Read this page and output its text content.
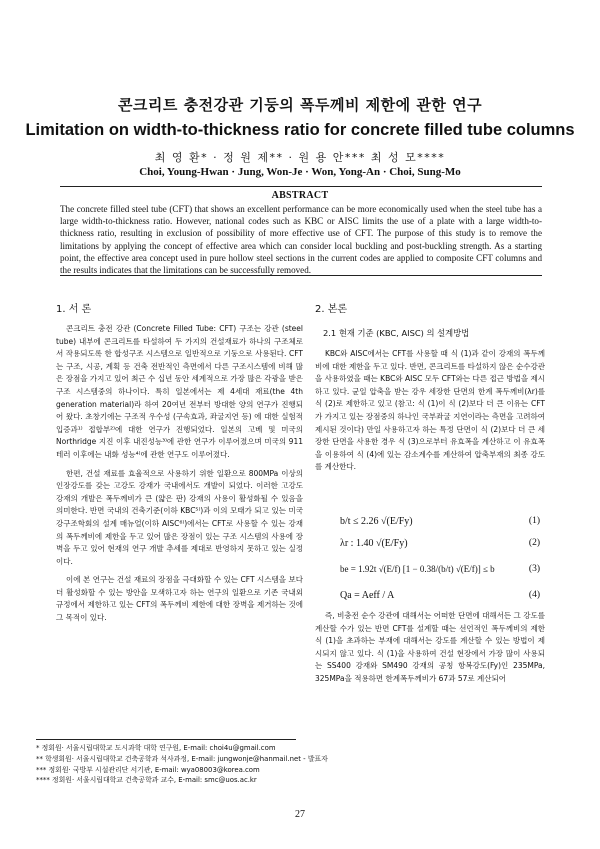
콘크리트 충전강관 기둥의 폭두께비 제한에 관한 연구
Limitation on width-to-thickness ratio for concrete filled tube columns
최 영 환* · 정 원 제** · 원 용 안*** 최 성 모****
Choi, Young-Hwan · Jung, Won-Je · Won, Yong-An · Choi, Sung-Mo
ABSTRACT
The concrete filled steel tube (CFT) that shows an excellent performance can be more economically used when the steel tube has a large width-to-thickness ratio. However, national codes such as KBC or AISC limits the use of a plate with a large width-to-thickness ratio, resulting in exclusion of possibility of more effective use of CFT. The purpose of this study is to remove the limitations by applying the concept of effective area which can consider local buckling and post-buckling strength. As a starting point, the effective area concept used in pure hollow steel sections in the current codes are applied to composite CFT columns and the results indicates that the limitations can be successfully removed.
1. 서 론

콘크리트 충전 강관 (Concrete Filled Tube: CFT) 구조는 강관 (steel tube) 내부에 콘크리트를 타설하여 두 가지의 건설재료가 하나의 구조체로서 작용되도록 한 합성구조 시스템으로 일반적으로 기둥으로 사용된다. CFT는 구조, 시공, 계획 등 건축 전반적인 측면에서 다른 구조시스템에 비해 많은 장점을 가지고 있어 최근 수 십년 동안 세계적으로 가장 많은 각광을 받은 구조 시스템중의 하나이다. 특히 일본에서는 제 4세대 재료(the 4th generation material)라 하여 20여년 전부터 방대한 양의 연구가 진행되어 왔다. 초창기에는 구조적 우수성 (구속효과, 좌굴지연 등) 에 대한 실험적 입증과¹⁾ 접합부²⁾에 대한 연구가 진행되었다. 일본의 고베 및 미국의 Northridge 지진 이후 내진성능³⁾에 관한 연구가 이루어졌으며 미국의 911 테러 이후에는 내화 성능⁴⁾에 관한 연구도 이루어졌다.

한편, 건설 재료를 효율적으로 사용하기 위한 일환으로 800MPa 이상의 인장강도를 갖는 고강도 강재가 국내에서도 개발이 되었다. 이러한 고강도 강재의 개발은 폭두께비가 큰 (얇은 판) 강재의 사용이 활성화될 수 있음을 의미한다. 반면 국내의 건축기준(이하 KBC⁵⁾)과 이의 모태가 되고 있는 미국 강구조학회의 설계 매뉴얼(이하 AISC⁶⁾)에서는 CFT로 사용할 수 있는 강재의 폭두께비에 제한을 두고 있어 많은 장점이 있는 구조 시스템의 사용에 장벽을 두고 있어 현재의 연구 개발 추세를 제대로 반영하지 못하고 있는 실정이다.

이에 본 연구는 건설 재료의 장점을 극대화할 수 있는 CFT 시스템을 보다 더 활성화할 수 있는 방안을 모색하고자 하는 연구의 일환으로 기존 국내외 규정에서 제한하고 있는 CFT의 폭두께비 제한에 대한 장벽을 제거하는 것에 그 목적이 있다.

2. 본론
2.1 현재 기준 (KBC, AISC) 의 설계방법

KBC와 AISC에서는 CFT를 사용할 때 식 (1)과 같이 강재의 폭두께비에 대한 제한을 두고 있다. 반면, 콘크리트를 타설하지 않은 순수강관을 사용하였을 때는 KBC와 AISC 모두 CFT와는 다른 접근 방법을 제시하고 있다. 균일 압축을 받는 강우 세장한 단면의 한계 폭두께비(λr)를 식 (2)로 제한하고 있고 (참고: 식 (1)이 식 (2)보다 더 큰 이유는 CFT가 가지고 있는 장점중의 하나인 국부좌굴 지연이라는 측면을 고려하여 제시된 것이다) 만일 사용하고자 하는 특정 단면이 식 (2)보다 더 큰 세장한 단면을 사용한 경우 식 (3)으로부터 유효폭을 계산하고 이 유효폭을 이용하여 식 (4)에 있는 감소계수를 계산하여 압축부재의 최종 강도를 계산한다.

b/t ≤ 2.26 √(E/Fy)	(1)
λr : 1.40 √(E/Fy)	(2)
be = 1.92t √(E/f) [1 − 0.38/(b/t) √(E/f)] ≤ b	(3)
Qa = Aeff / A	(4)

즉, 비충전 순수 강관에 대해서는 어떠한 단면에 대해서든 그 강도를 계산할 수가 있는 반면 CFT를 설계할 때는 선언적인 폭두께비의 제한식 (1)을 초과하는 부재에 대해서는 강도를 계산할 수 있는 방법이 제시되지 않고 있다. 식 (1)을 사용하여 건설 현장에서 가장 많이 사용되는 SS400 강재와 SM490 강재의 공칭 항복강도(Fy)인 235MPa, 325MPa을 적용하면 한계폭두께비가 67과 57로 계산되어

* 정회원· 서울시립대학교 도시과학 대학 연구원, E-mail: choi4u@gmail.com
** 학생회원· 서울시립대학교 건축공학과 석사과정, E-mail: jungwonje@hanmail.net - 발표자
*** 정회원· 국방부 시설관리단 서기관, E-mail: wya08003@korea.com
**** 정회원· 서울시립대학교 건축공학과 교수, E-mail: smc@uos.ac.kr
27
